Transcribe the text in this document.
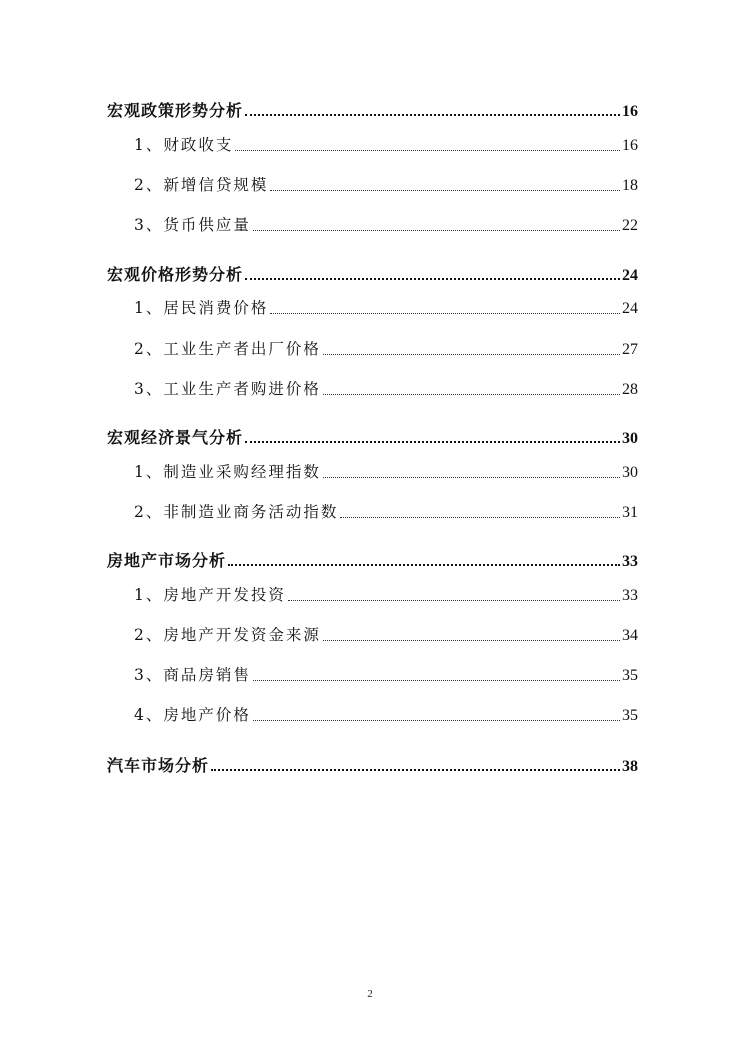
宏观政策形势分析	16
1、财政收支	16
2、新增信贷规模	18
3、货币供应量	22
宏观价格形势分析	24
1、居民消费价格	24
2、工业生产者出厂价格	27
3、工业生产者购进价格	28
宏观经济景气分析	30
1、制造业采购经理指数	30
2、非制造业商务活动指数	31
房地产市场分析	33
1、房地产开发投资	33
2、房地产开发资金来源	34
3、商品房销售	35
4、房地产价格	35
汽车市场分析	38
2
